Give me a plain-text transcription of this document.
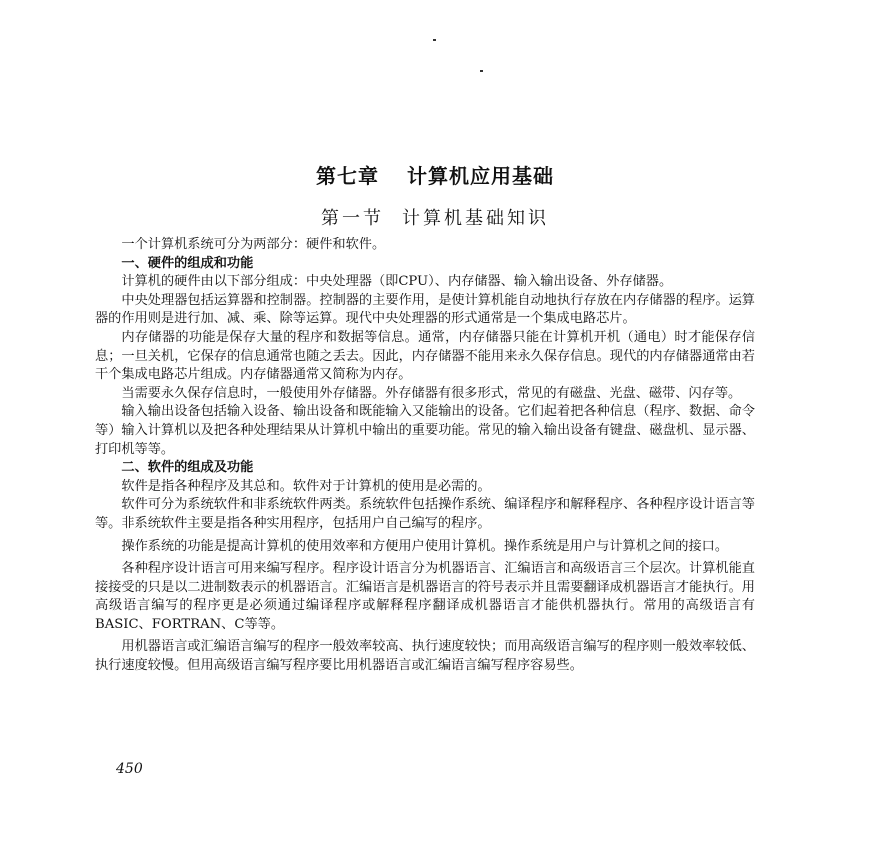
第七章 计算机应用基础
第一节 计算机基础知识

一个计算机系统可分为两部分：硬件和软件。

一、硬件的组成和功能

计算机的硬件由以下部分组成：中央处理器（即CPU）、内存储器、输入输出设备、外存储器。

中央处理器包括运算器和控制器。控制器的主要作用，是使计算机能自动地执行存放在内存储器的程序。运算器的作用则是进行加、减、乘、除等运算。现代中央处理器的形式通常是一个集成电路芯片。

内存储器的功能是保存大量的程序和数据等信息。通常，内存储器只能在计算机开机（通电）时才能保存信息；一旦关机，它保存的信息通常也随之丢去。因此，内存储器不能用来永久保存信息。现代的内存储器通常由若干个集成电路芯片组成。内存储器通常又简称为内存。

当需要永久保存信息时，一般使用外存储器。外存储器有很多形式，常见的有磁盘、光盘、磁带、闪存等。

输入输出设备包括输入设备、输出设备和既能输入又能输出的设备。它们起着把各种信息（程序、数据、命令等）输入计算机以及把各种处理结果从计算机中输出的重要功能。常见的输入输出设备有键盘、磁盘机、显示器、打印机等等。

二、软件的组成及功能

软件是指各种程序及其总和。软件对于计算机的使用是必需的。

软件可分为系统软件和非系统软件两类。系统软件包括操作系统、编译程序和解释程序、各种程序设计语言等等。非系统软件主要是指各种实用程序，包括用户自己编写的程序。

操作系统的功能是提高计算机的使用效率和方便用户使用计算机。操作系统是用户与计算机之间的接口。

各种程序设计语言可用来编写程序。程序设计语言分为机器语言、汇编语言和高级语言三个层次。计算机能直接接受的只是以二进制数表示的机器语言。汇编语言是机器语言的符号表示并且需要翻译成机器语言才能执行。用高级语言编写的程序更是必须通过编译程序或解释程序翻译成机器语言才能供机器执行。常用的高级语言有BASIC、FORTRAN、C等等。

用机器语言或汇编语言编写的程序一般效率较高、执行速度较快；而用高级语言编写的程序则一般效率较低、执行速度较慢。但用高级语言编写程序要比用机器语言或汇编语言编写程序容易些。

450
